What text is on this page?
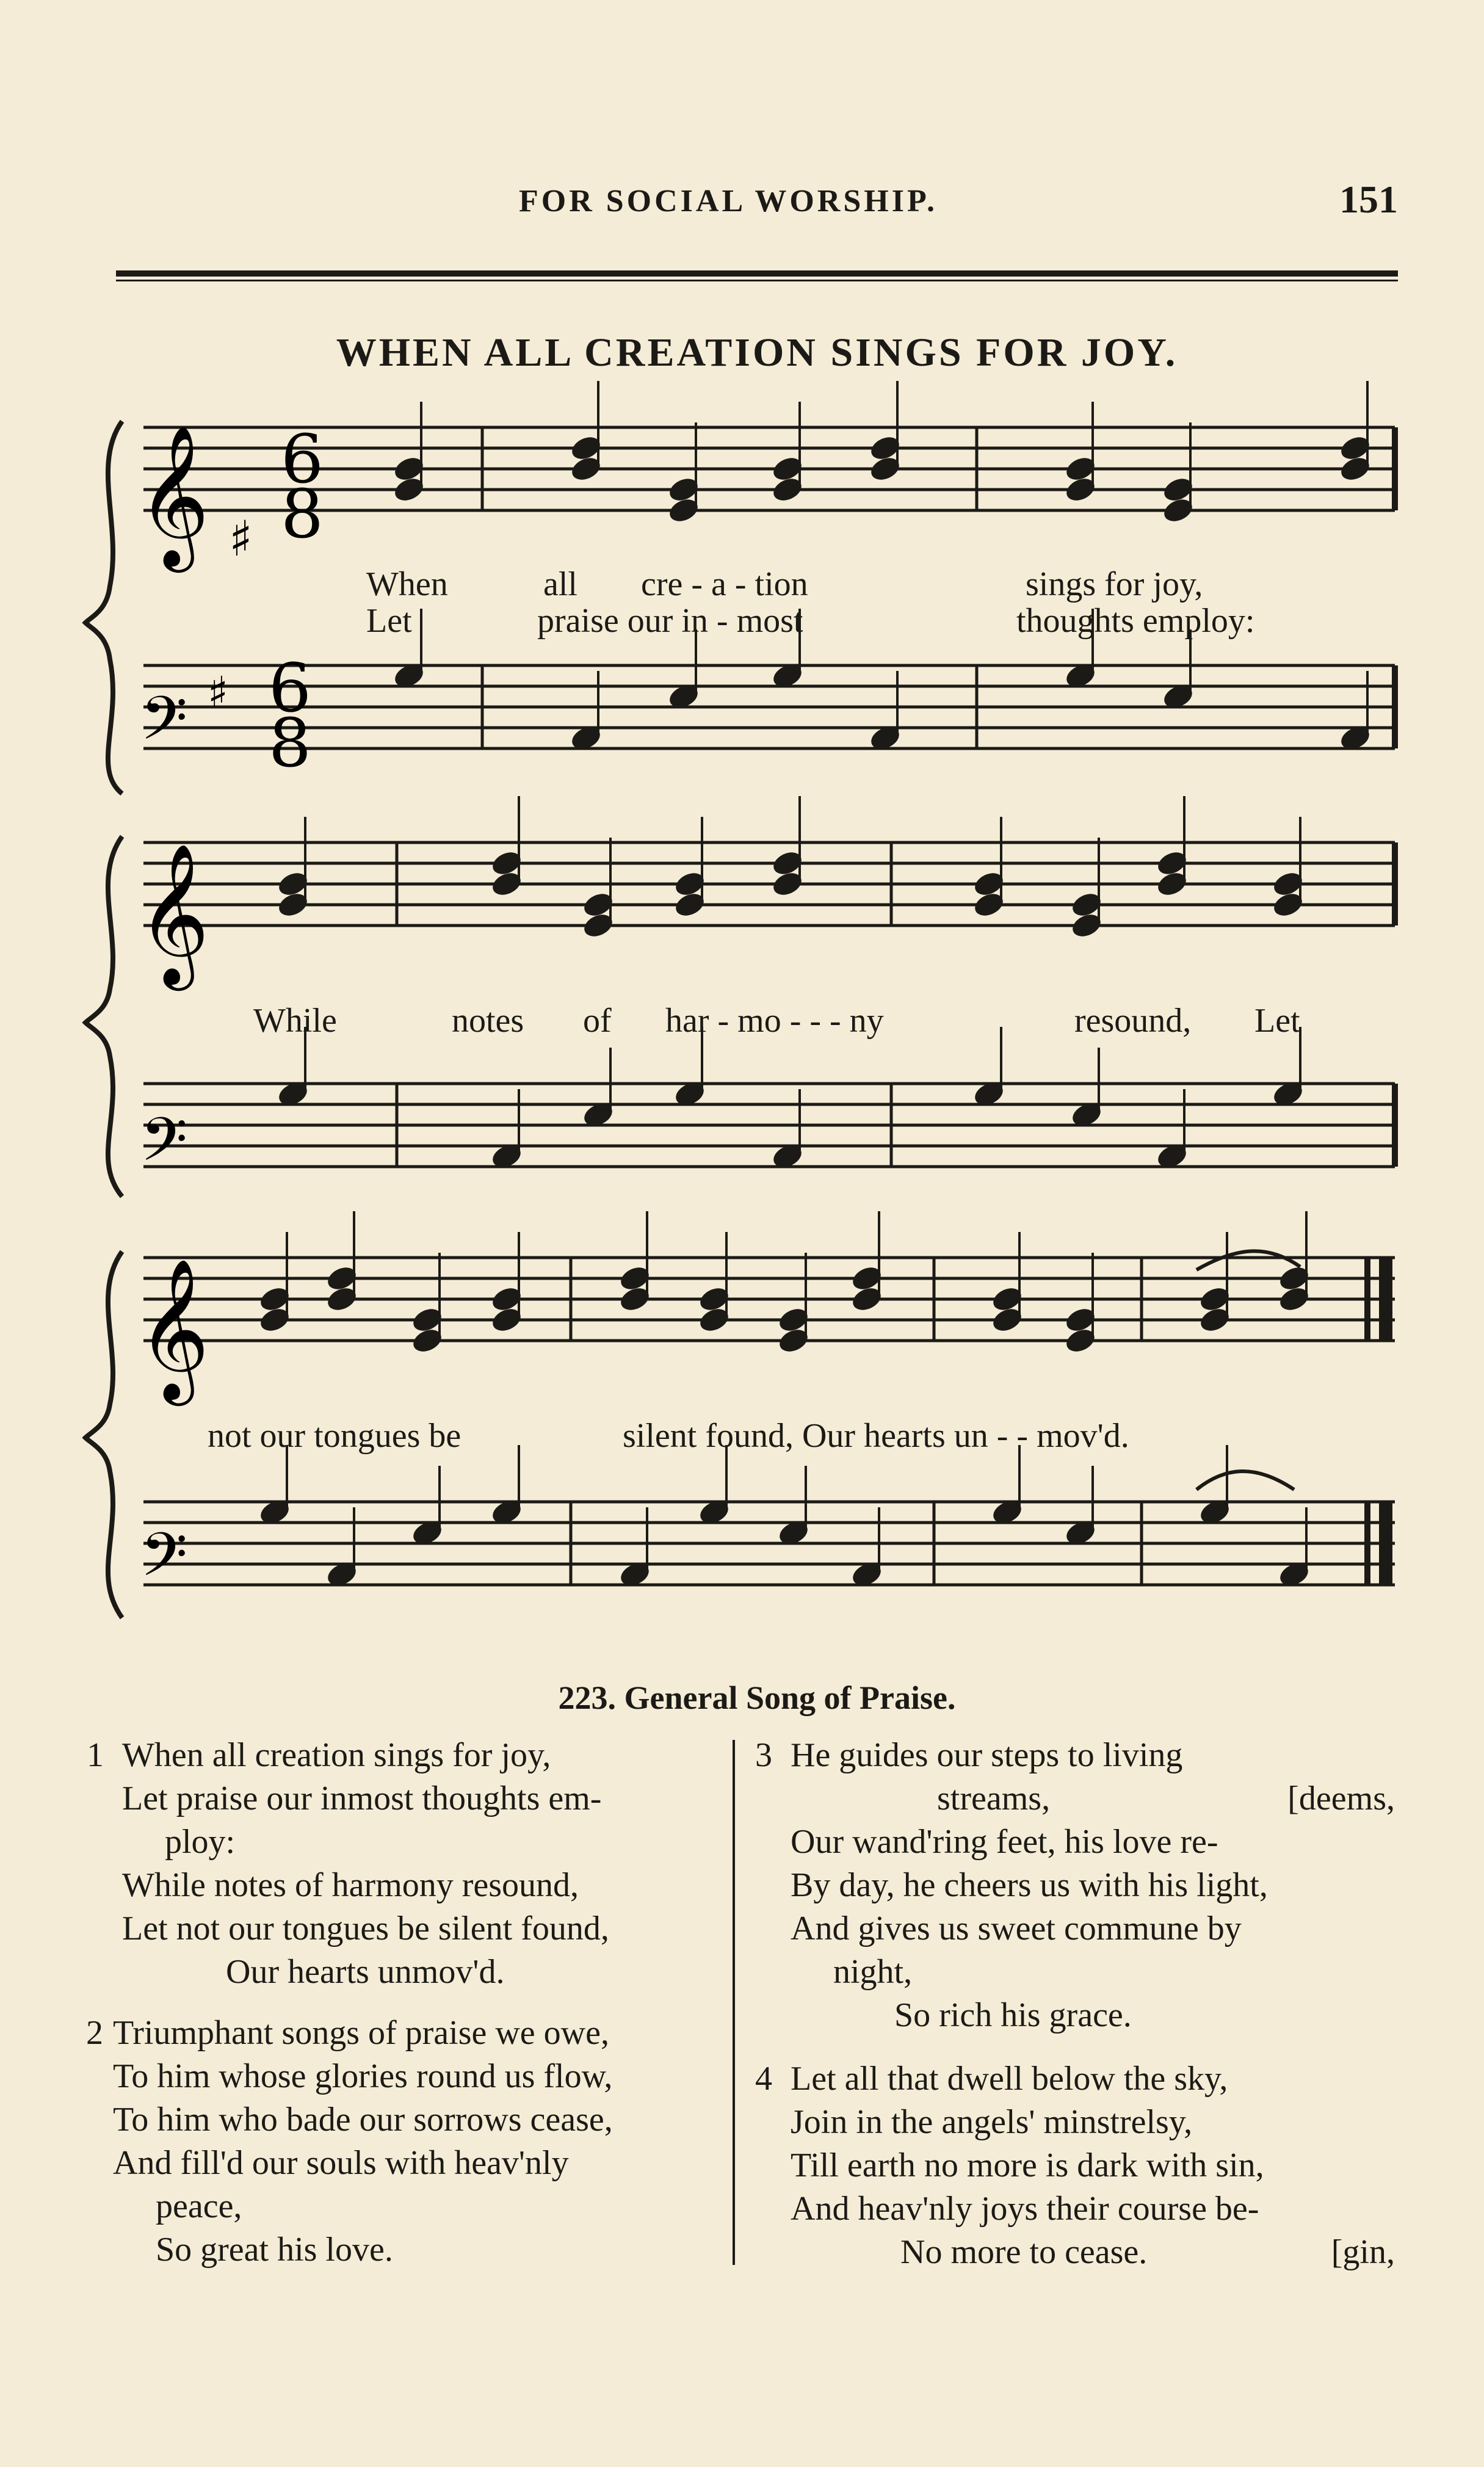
FOR SOCIAL WORSHIP.	151
WHEN ALL CREATION SINGS FOR JOY.
𝄞
𝄢
♯
♯
6
8
6
8
𝄞
𝄢
𝄞
𝄢
When	all cre - a - tion	sings for joy,
Let	praise our in - most	thoughts employ:
While	notes of har - mo - - - ny	resound, Let
not our tongues be	silent found, Our hearts un - - mov'd.
223. General Song of Praise.
1 When all creation sings for joy,
Let praise our inmost thoughts em-
ploy:
While notes of harmony resound,
Let not our tongues be silent found,
Our hearts unmov'd.
2 Triumphant songs of praise we owe,
To him whose glories round us flow,
To him who bade our sorrows cease,
And fill'd our souls with heav'nly
peace,
So great his love.
3 He guides our steps to living
streams,	[deems,
Our wand'ring feet, his love re-
By day, he cheers us with his light,
And gives us sweet commune by
night,
So rich his grace.
4 Let all that dwell below the sky,
Join in the angels' minstrelsy,
Till earth no more is dark with sin,
And heav'nly joys their course be-
No more to cease.	[gin,
